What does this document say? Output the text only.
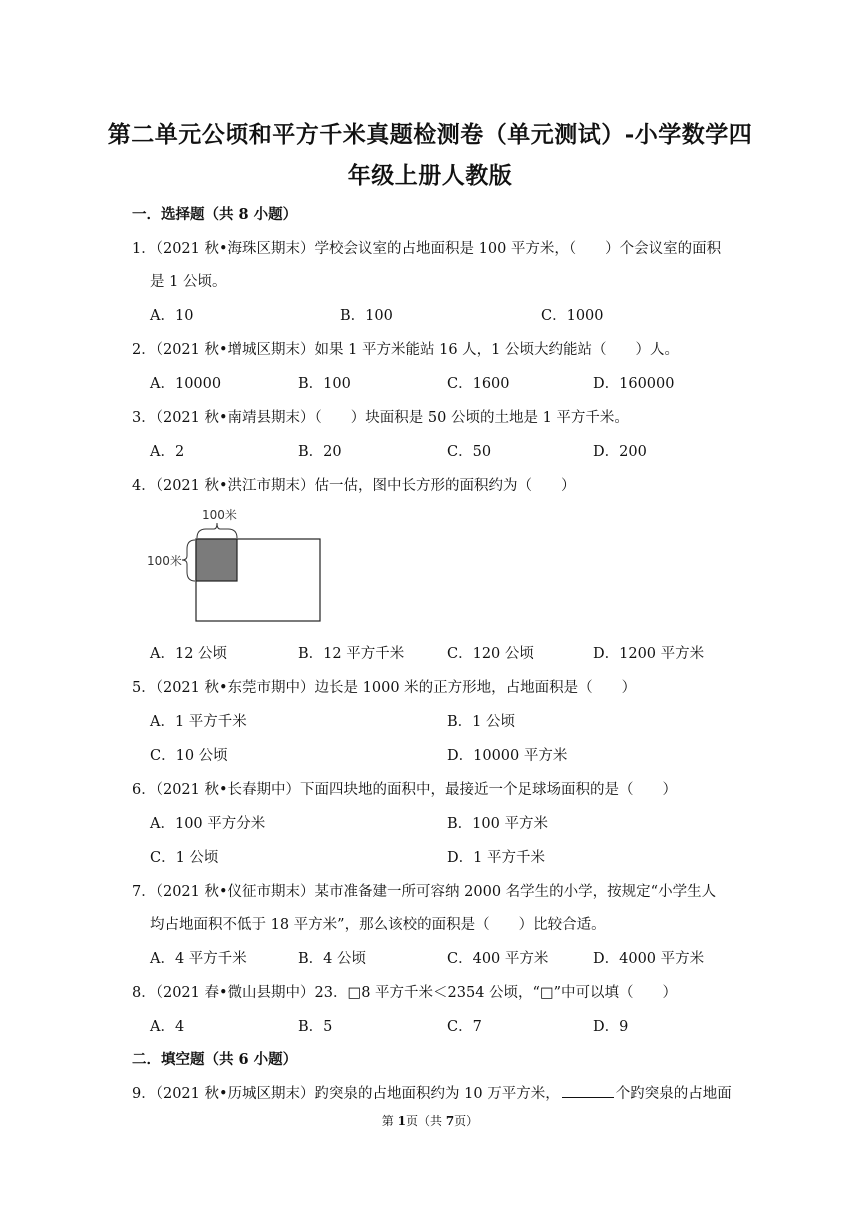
第二单元公顷和平方千米真题检测卷（单元测试）-小学数学四
年级上册人教版
一．选择题（共 8 小题）
1．（2021 秋•海珠区期末）学校会议室的占地面积是 100 平方米，（　　）个会议室的面积
是 1 公顷。
A．10	B．100	C．1000
2．（2021 秋•增城区期末）如果 1 平方米能站 16 人，1 公顷大约能站（　　）人。
A．10000	B．100	C．1600	D．160000
3．（2021 秋•南靖县期末）（　　）块面积是 50 公顷的土地是 1 平方千米。
A．2	B．20	C．50	D．200
4．（2021 秋•洪江市期末）估一估，图中长方形的面积约为（　　）
100米
100米
A．12 公顷	B．12 平方千米	C．120 公顷	D．1200 平方米
5．（2021 秋•东莞市期中）边长是 1000 米的正方形地，占地面积是（　　）
A．1 平方千米	B．1 公顷
C．10 公顷	D．10000 平方米
6．（2021 秋•长春期中）下面四块地的面积中，最接近一个足球场面积的是（　　）
A．100 平方分米	B．100 平方米
C．1 公顷	D．1 平方千米
7．（2021 秋•仪征市期末）某市准备建一所可容纳 2000 名学生的小学，按规定“小学生人
均占地面积不低于 18 平方米”，那么该校的面积是（　　）比较合适。
A．4 平方千米	B．4 公顷	C．400 平方米	D．4000 平方米
8．（2021 春•微山县期中）23．□8 平方千米＜2354 公顷，“□”中可以填（　　）
A．4	B．5	C．7	D．9
二．填空题（共 6 小题）
9．（2021 秋•历城区期末）趵突泉的占地面积约为 10 万平方米，	个趵突泉的占地面
第 1页（共 7页）
